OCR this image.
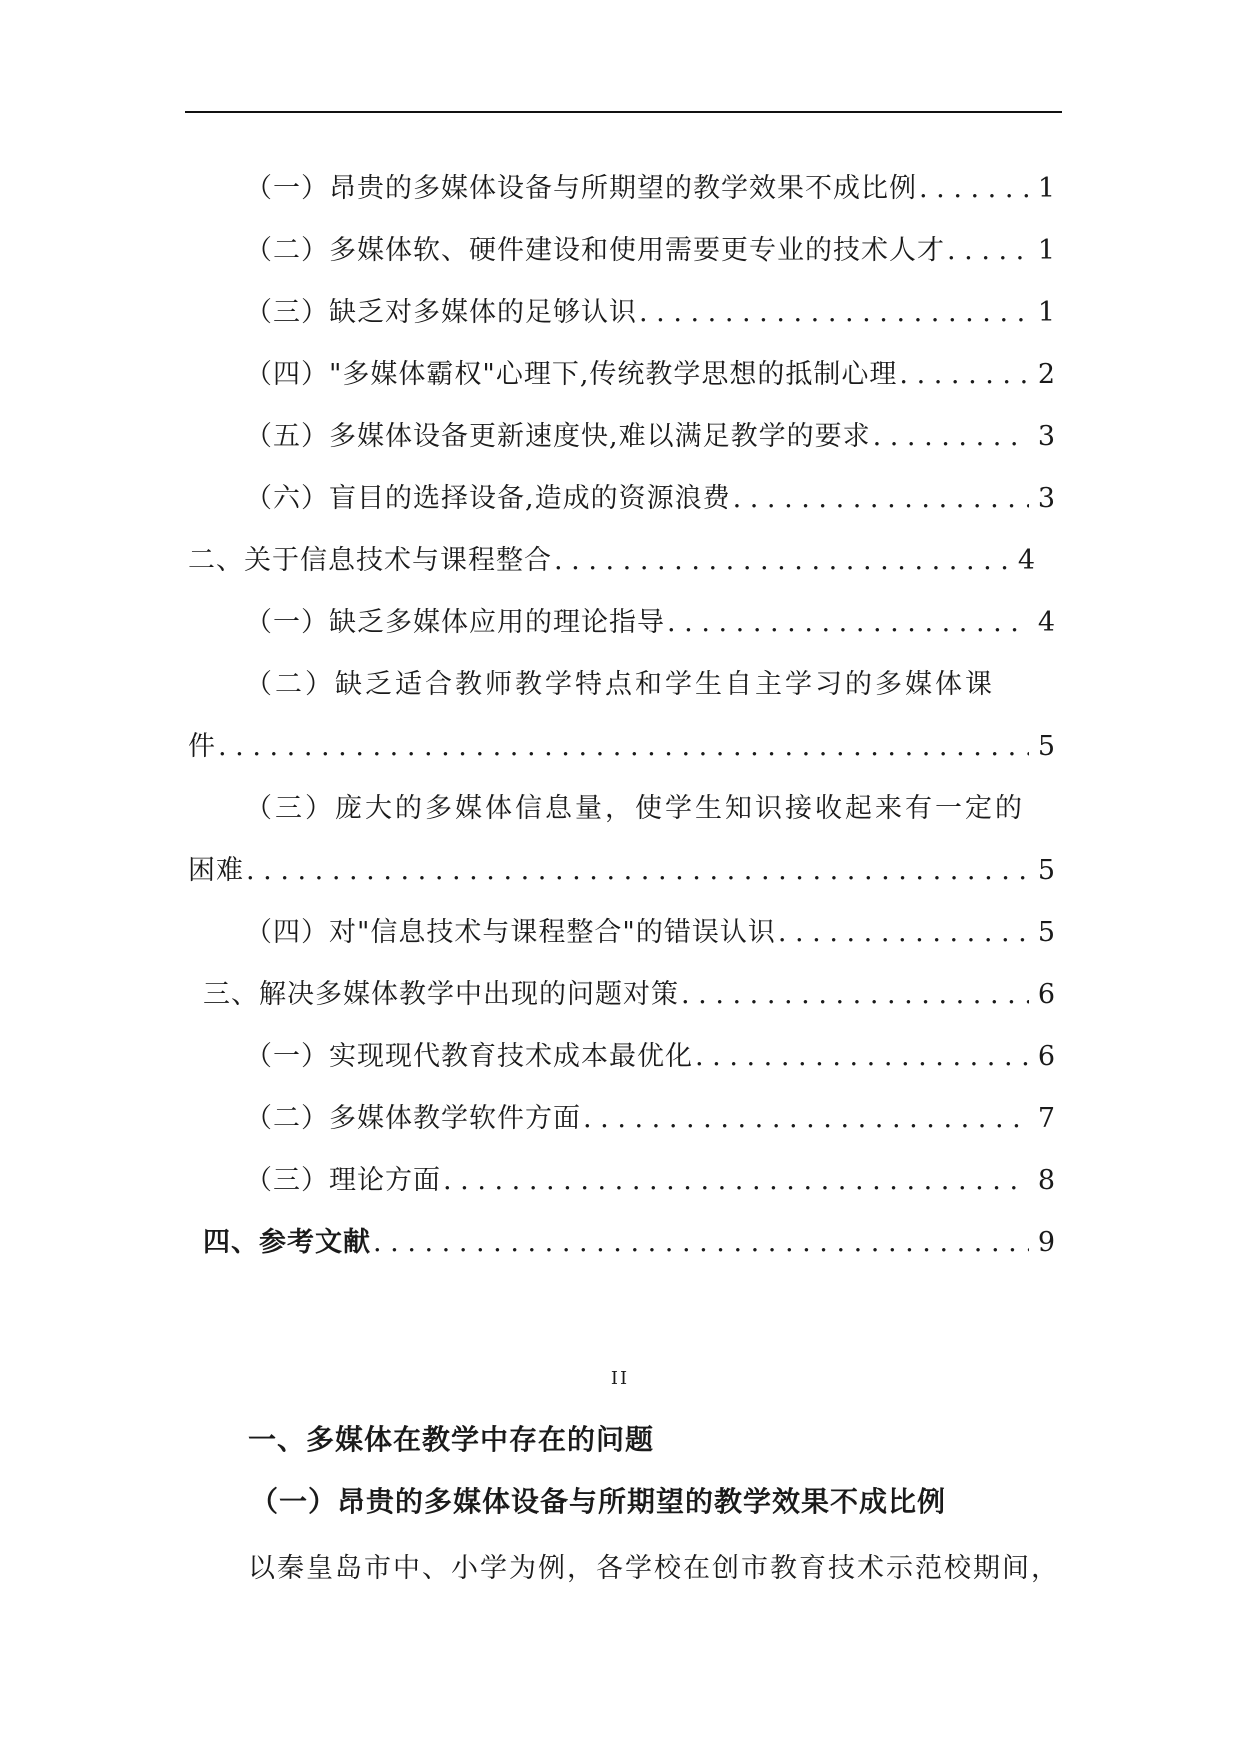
（一）昂贵的多媒体设备与所期望的教学效果不成比例 . . .	1
（二）多媒体软、硬件建设和使用需要更专业的技术人才 . . .	1
（三）缺乏对多媒体的足够认识 . . .	1
（四）"多媒体霸权"心理下,传统教学思想的抵制心理 . . .	2
（五）多媒体设备更新速度快,难以满足教学的要求 . . .	3
（六）盲目的选择设备,造成的资源浪费 . . .	3
二、关于信息技术与课程整合 . . .	4
（一）缺乏多媒体应用的理论指导 . . .	4
（二）缺乏适合教师教学特点和学生自主学习的多媒体课
件 . . .	5
（三）庞大的多媒体信息量，使学生知识接收起来有一定的
困难 . . .	5
（四）对"信息技术与课程整合"的错误认识 . . .	5
三、解决多媒体教学中出现的问题对策 . . .	6
（一）实现现代教育技术成本最优化 . . .	6
（二）多媒体教学软件方面 . . .	7
（三）理论方面 . . .	8
四、参考文献 . . .	9
II
一、多媒体在教学中存在的问题
（一）昂贵的多媒体设备与所期望的教学效果不成比例
以秦皇岛市中、小学为例，各学校在创市教育技术示范校期间，
